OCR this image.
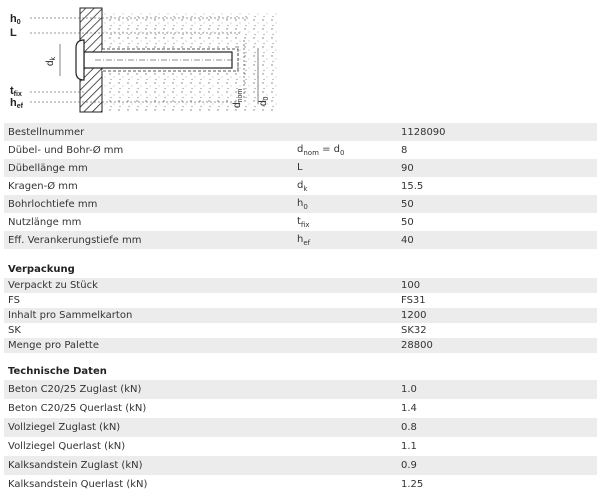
h0
L
tfix
hef
$d_k$
$d_{nom}$
$d_0$
Bestellnummer		1128090
Dübel- und Bohr-Ø mm	$d_{nom} = d_0$	8
Dübellänge mm	L	90
Kragen-Ø mm	$d_k$	15.5
Bohrlochtiefe mm	$h_0$	50
Nutzlänge mm	$t_{fix}$	50
Eff. Verankerungstiefe mm	$h_{ef}$	40
Verpackung
Verpackt zu Stück		100
FS		FS31
Inhalt pro Sammelkarton		1200
SK		SK32
Menge pro Palette		28800
Technische Daten
Beton C20/25 Zuglast (kN)		1.0
Beton C20/25 Querlast (kN)		1.4
Vollziegel Zuglast (kN)		0.8
Vollziegel Querlast (kN)		1.1
Kalksandstein Zuglast (kN)		0.9
Kalksandstein Querlast (kN)		1.25
